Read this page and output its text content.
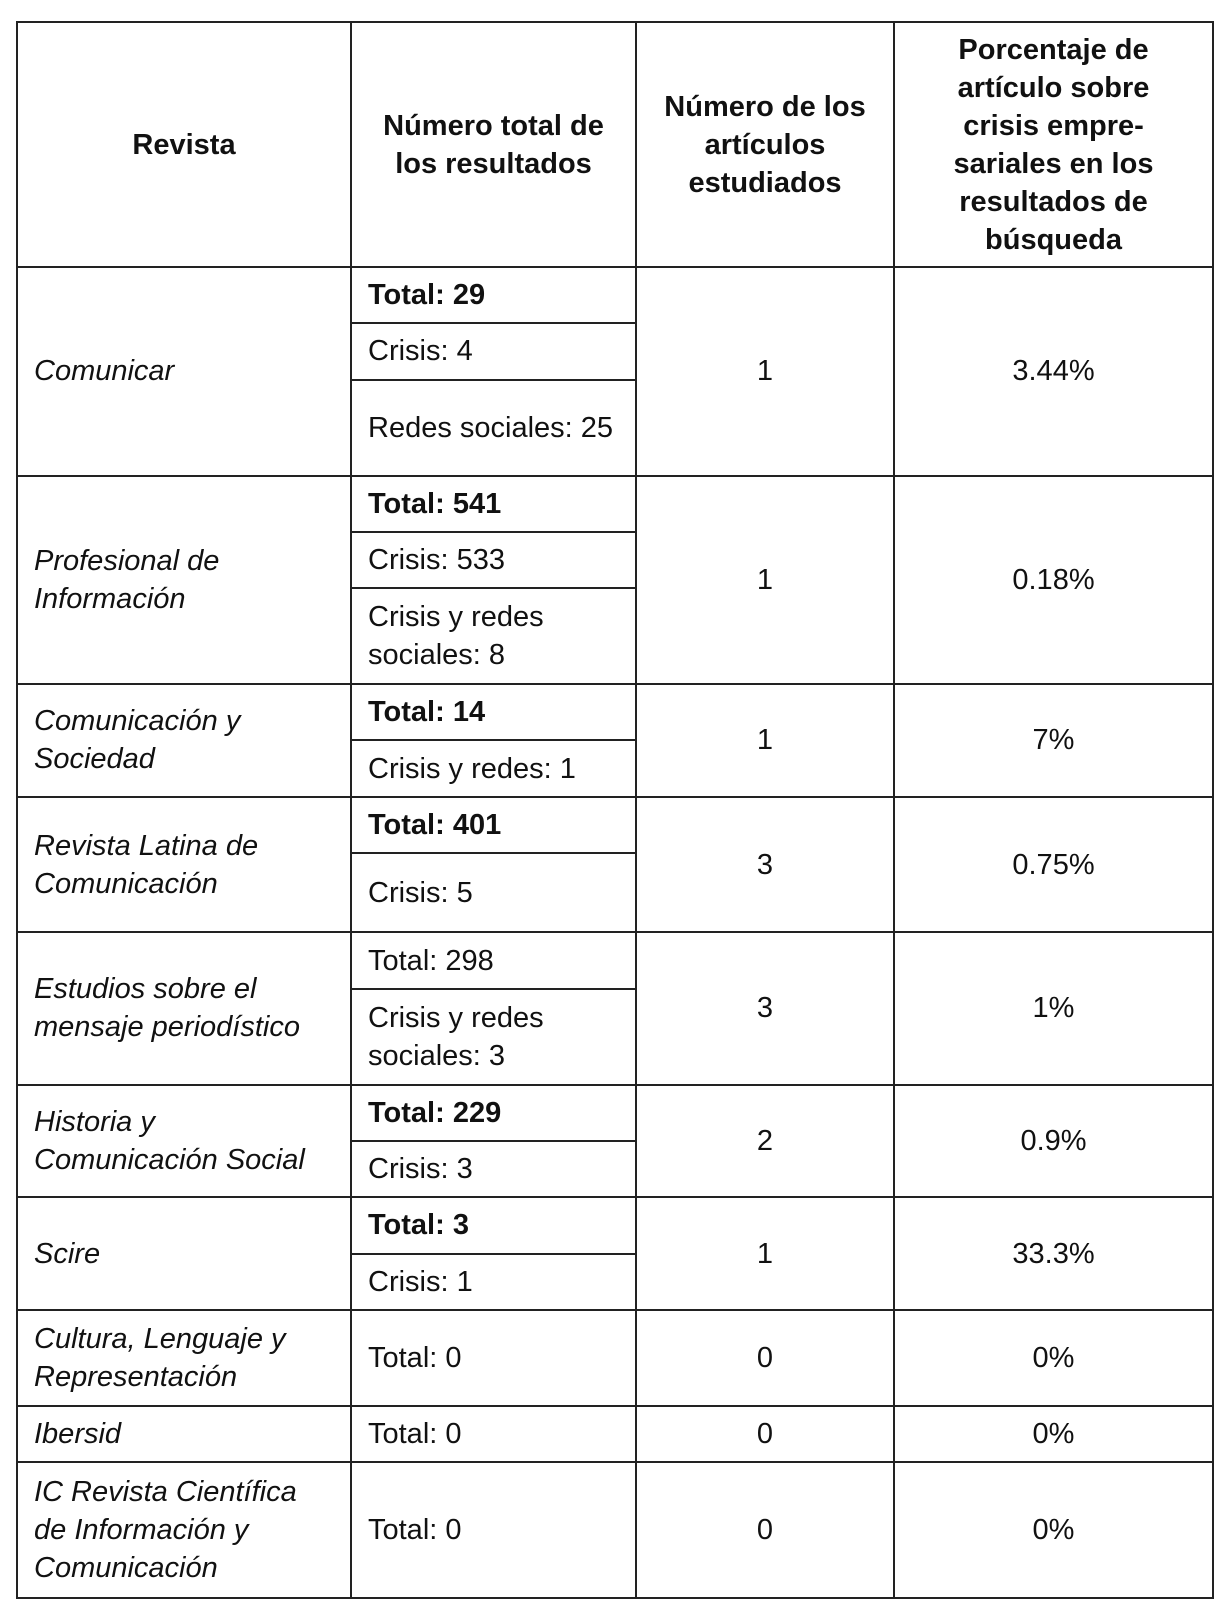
Revista	Número total de los resultados	Número de los artículos estudiados	Porcentaje de artículo sobre crisis empre-sariales en los resultados de búsqueda
Comunicar	Total: 29	1	3.44%
	Crisis: 4		
	Redes sociales: 25		
Profesional de Información	Total: 541	1	0.18%
	Crisis: 533		
	Crisis y redes sociales: 8		
Comunicación y Sociedad	Total: 14	1	7%
	Crisis y redes: 1		
Revista Latina de Comunicación	Total: 401	3	0.75%
	Crisis: 5		
Estudios sobre el mensaje periodístico	Total: 298	3	1%
	Crisis y redes sociales: 3		
Historia y Comunicación Social	Total: 229	2	0.9%
	Crisis: 3		
Scire	Total: 3	1	33.3%
	Crisis: 1		
Cultura, Lenguaje y Representación	Total: 0	0	0%
Ibersid	Total: 0	0	0%
IC Revista Científica de Información y Comunicación	Total: 0	0	0%
